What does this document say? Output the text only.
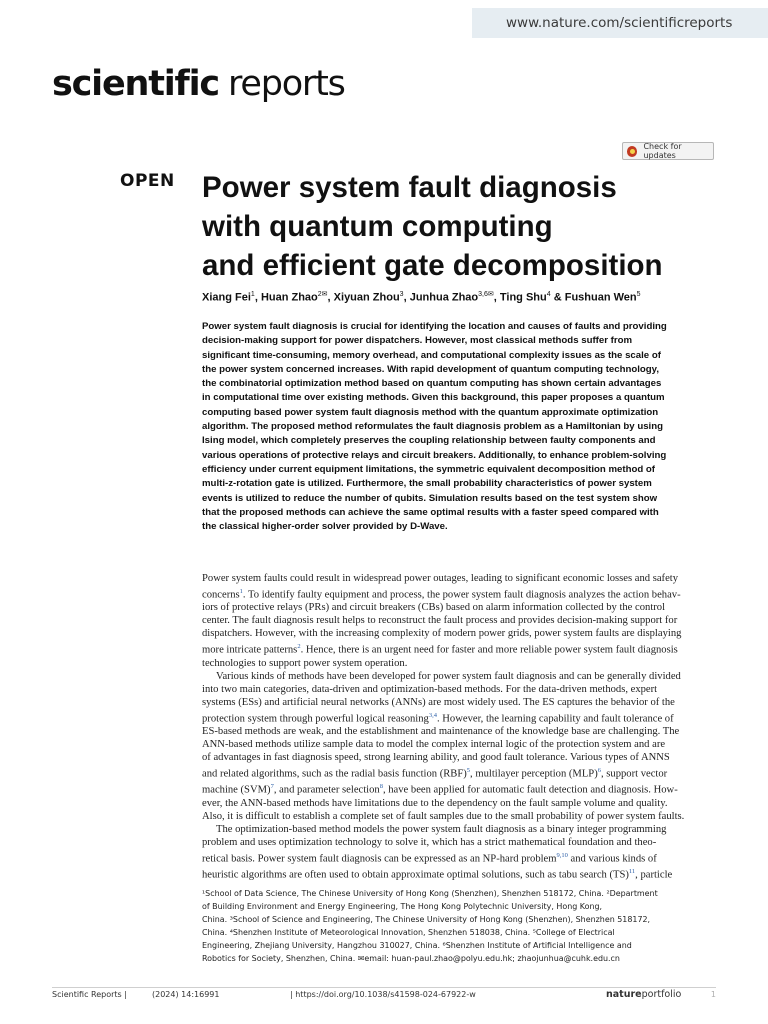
www.nature.com/scientificreports
scientific reports
Check for updates
OPEN Power system fault diagnosis
with quantum computing
and efficient gate decomposition
Xiang Fei$^1$, Huan Zhao$^{2✉}$, Xiyuan Zhou$^3$, Junhua Zhao$^{3,6✉}$, Ting Shu$^4$ & Fushuan Wen$^5$
Power system fault diagnosis is crucial for identifying the location and causes of faults and providing
decision-making support for power dispatchers. However, most classical methods suffer from
significant time-consuming, memory overhead, and computational complexity issues as the scale of
the power system concerned increases. With rapid development of quantum computing technology,
the combinatorial optimization method based on quantum computing has shown certain advantages
in computational time over existing methods. Given this background, this paper proposes a quantum
computing based power system fault diagnosis method with the quantum approximate optimization
algorithm. The proposed method reformulates the fault diagnosis problem as a Hamiltonian by using
Ising model, which completely preserves the coupling relationship between faulty components and
various operations of protective relays and circuit breakers. Additionally, to enhance problem-solving
efficiency under current equipment limitations, the symmetric equivalent decomposition method of
multi-z-rotation gate is utilized. Furthermore, the small probability characteristics of power system
events is utilized to reduce the number of qubits. Simulation results based on the test system show
that the proposed methods can achieve the same optimal results with a faster speed compared with
the classical higher-order solver provided by D-Wave.
Power system faults could result in widespread power outages, leading to significant economic losses and safety
concerns$^1$. To identify faulty equipment and process, the power system fault diagnosis analyzes the action behav-
iors of protective relays (PRs) and circuit breakers (CBs) based on alarm information collected by the control
center. The fault diagnosis result helps to reconstruct the fault process and provides decision-making support for
dispatchers. However, with the increasing complexity of modern power grids, power system faults are displaying
more intricate patterns$^2$. Hence, there is an urgent need for faster and more reliable power system fault diagnosis
technologies to support power system operation.
Various kinds of methods have been developed for power system fault diagnosis and can be generally divided
into two main categories, data-driven and optimization-based methods. For the data-driven methods, expert
systems (ESs) and artificial neural networks (ANNs) are most widely used. The ES captures the behavior of the
protection system through powerful logical reasoning$^{3,4}$. However, the learning capability and fault tolerance of
ES-based methods are weak, and the establishment and maintenance of the knowledge base are challenging. The
ANN-based methods utilize sample data to model the complex internal logic of the protection system and are
of advantages in fast diagnosis speed, strong learning ability, and good fault tolerance. Various types of ANNS
and related algorithms, such as the radial basis function (RBF)$^5$, multilayer perception (MLP)$^6$, support vector
machine (SVM)$^7$, and parameter selection$^8$, have been applied for automatic fault detection and diagnosis. How-
ever, the ANN-based methods have limitations due to the dependency on the fault sample volume and quality.
Also, it is difficult to establish a complete set of fault samples due to the small probability of power system faults.
The optimization-based method models the power system fault diagnosis as a binary integer programming
problem and uses optimization technology to solve it, which has a strict mathematical foundation and theo-
retical basis. Power system fault diagnosis can be expressed as an NP-hard problem$^{9,10}$ and various kinds of
heuristic algorithms are often used to obtain approximate optimal solutions, such as tabu search (TS)$^{11}$, particle
¹School of Data Science, The Chinese University of Hong Kong (Shenzhen), Shenzhen 518172, China. ²Department
of Building Environment and Energy Engineering, The Hong Kong Polytechnic University, Hong Kong,
China. ³School of Science and Engineering, The Chinese University of Hong Kong (Shenzhen), Shenzhen 518172,
China. ⁴Shenzhen Institute of Meteorological Innovation, Shenzhen 518038, China. ⁵College of Electrical
Engineering, Zhejiang University, Hangzhou 310027, China. ⁶Shenzhen Institute of Artificial Intelligence and
Robotics for Society, Shenzhen, China. ✉email: huan-paul.zhao@polyu.edu.hk; zhaojunhua@cuhk.edu.cn
Scientific Reports |	(2024) 14:16991	| https://doi.org/10.1038/s41598-024-67922-w	natureportfolio	1
